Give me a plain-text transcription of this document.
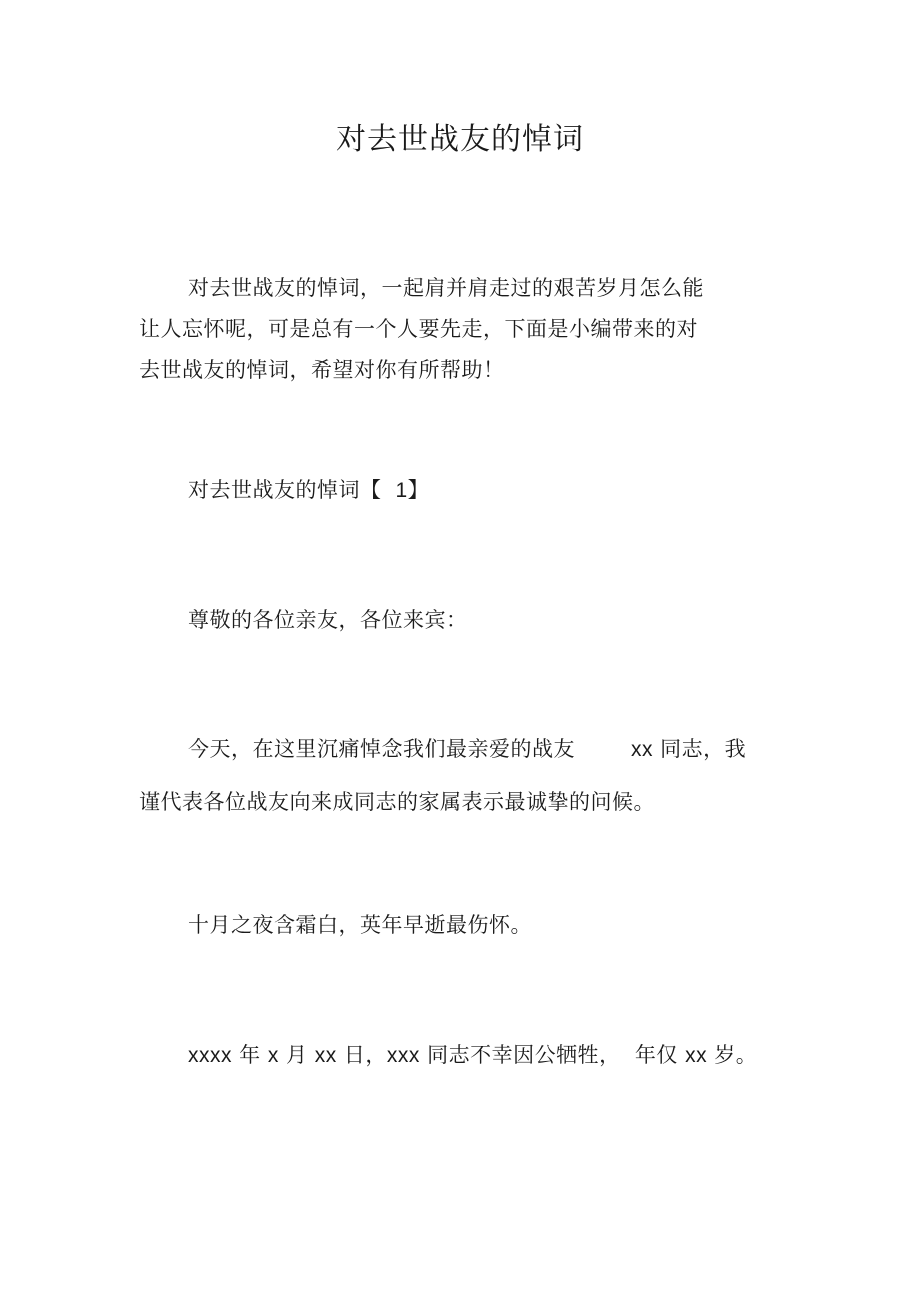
对去世战友的悼词
对去世战友的悼词，一起肩并肩走过的艰苦岁月怎么能
让人忘怀呢，可是总有一个人要先走，下面是小编带来的对
去世战友的悼词，希望对你有所帮助！
对去世战友的悼词【 1】
尊敬的各位亲友，各位来宾：
今天，在这里沉痛悼念我们最亲爱的战友	xx 同志，我
谨代表各位战友向来成同志的家属表示最诚挚的问候。
十月之夜含霜白，英年早逝最伤怀。
xxxx 年 x 月 xx 日，xxx 同志不幸因公牺牲，  年仅 xx 岁。
